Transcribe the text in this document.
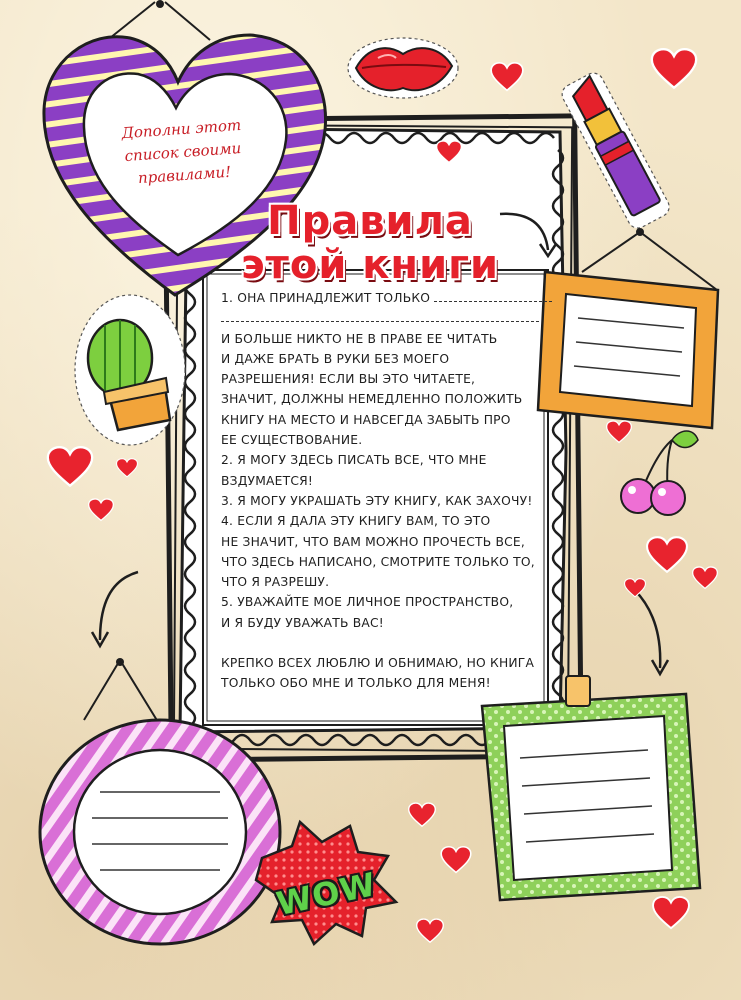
Дополни этот
список своими
правилами!
Правила
этой книги
1. ОНА ПРИНАДЛЕЖИТ ТОЛЬКО
И БОЛЬШЕ НИКТО НЕ В ПРАВЕ ЕЕ ЧИТАТЬ
И ДАЖЕ БРАТЬ В РУКИ БЕЗ МОЕГО
РАЗРЕШЕНИЯ! ЕСЛИ ВЫ ЭТО ЧИТАЕТЕ,
ЗНАЧИТ, ДОЛЖНЫ НЕМЕДЛЕННО ПОЛОЖИТЬ
КНИГУ НА МЕСТО И НАВСЕГДА ЗАБЫТЬ ПРО
ЕЕ СУЩЕСТВОВАНИЕ.
2. Я МОГУ ЗДЕСЬ ПИСАТЬ ВСЕ, ЧТО МНЕ
ВЗДУМАЕТСЯ!
3. Я МОГУ УКРАШАТЬ ЭТУ КНИГУ, КАК ЗАХОЧУ!
4. ЕСЛИ Я ДАЛА ЭТУ КНИГУ ВАМ, ТО ЭТО
НЕ ЗНАЧИТ, ЧТО ВАМ МОЖНО ПРОЧЕСТЬ ВСЕ,
ЧТО ЗДЕСЬ НАПИСАНО, СМОТРИТЕ ТОЛЬКО ТО,
ЧТО Я РАЗРЕШУ.
5. УВАЖАЙТЕ МОЕ ЛИЧНОЕ ПРОСТРАНСТВО,
И Я БУДУ УВАЖАТЬ ВАС!
КРЕПКО ВСЕХ ЛЮБЛЮ И ОБНИМАЮ, НО КНИГА
ТОЛЬКО ОБО МНЕ И ТОЛЬКО ДЛЯ МЕНЯ!
WOW
